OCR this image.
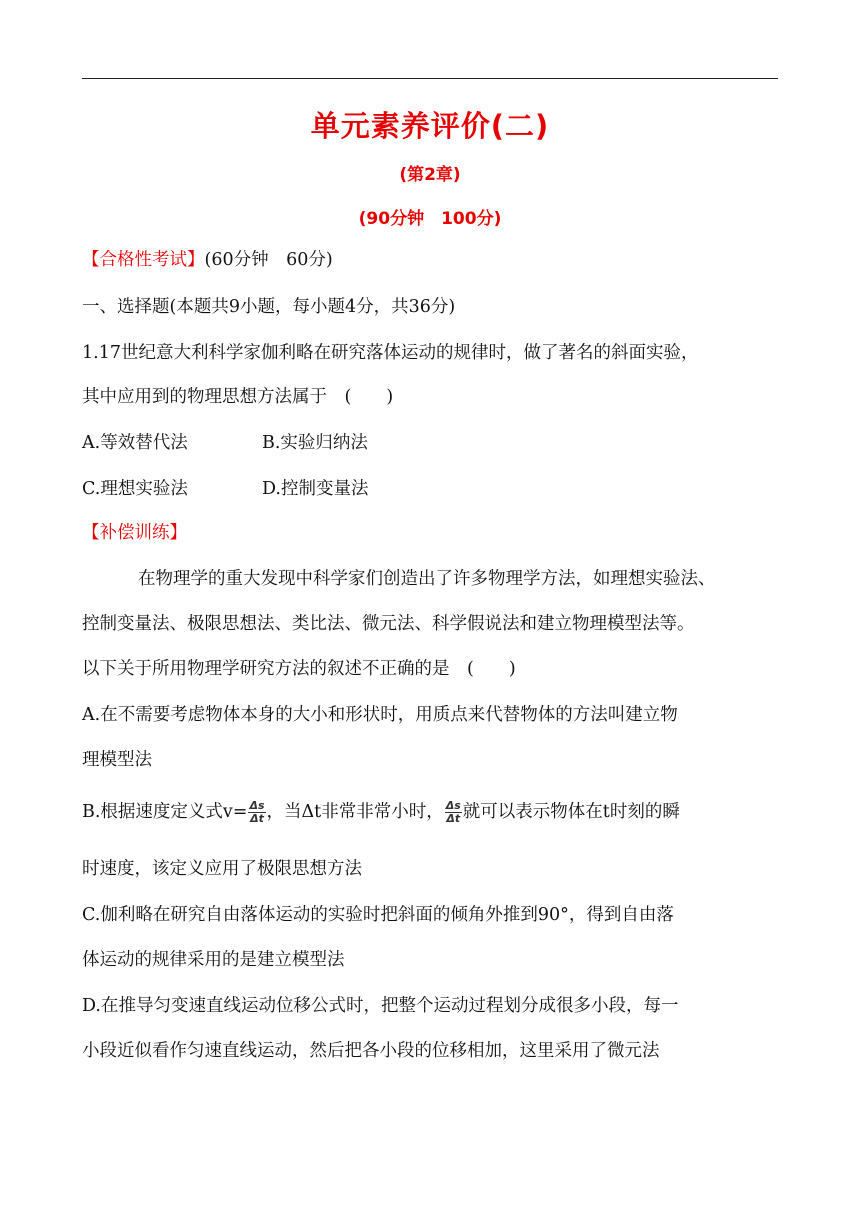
单元素养评价(二)
(第2章)
(90分钟　100分)
【合格性考试】(60分钟　60分)
一、选择题(本题共9小题，每小题4分，共36分)
1.17世纪意大利科学家伽利略在研究落体运动的规律时，做了著名的斜面实验，
其中应用到的物理思想方法属于　(　　)
A.等效替代法	B.实验归纳法
C.理想实验法	D.控制变量法
【补偿训练】
在物理学的重大发现中科学家们创造出了许多物理学方法，如理想实验法、
控制变量法、极限思想法、类比法、微元法、科学假说法和建立物理模型法等。
以下关于所用物理学研究方法的叙述不正确的是　(　　)
A.在不需要考虑物体本身的大小和形状时，用质点来代替物体的方法叫建立物
理模型法
B.根据速度定义式$v= \frac{\Delta s}{\Delta t}$ ，当Δt非常非常小时， $\frac{\Delta s}{\Delta t}$ 就可以表示物体在t时刻的瞬
时速度，该定义应用了极限思想方法
C.伽利略在研究自由落体运动的实验时把斜面的倾角外推到90°，得到自由落
体运动的规律采用的是建立模型法
D.在推导匀变速直线运动位移公式时，把整个运动过程划分成很多小段，每一
小段近似看作匀速直线运动，然后把各小段的位移相加，这里采用了微元法
